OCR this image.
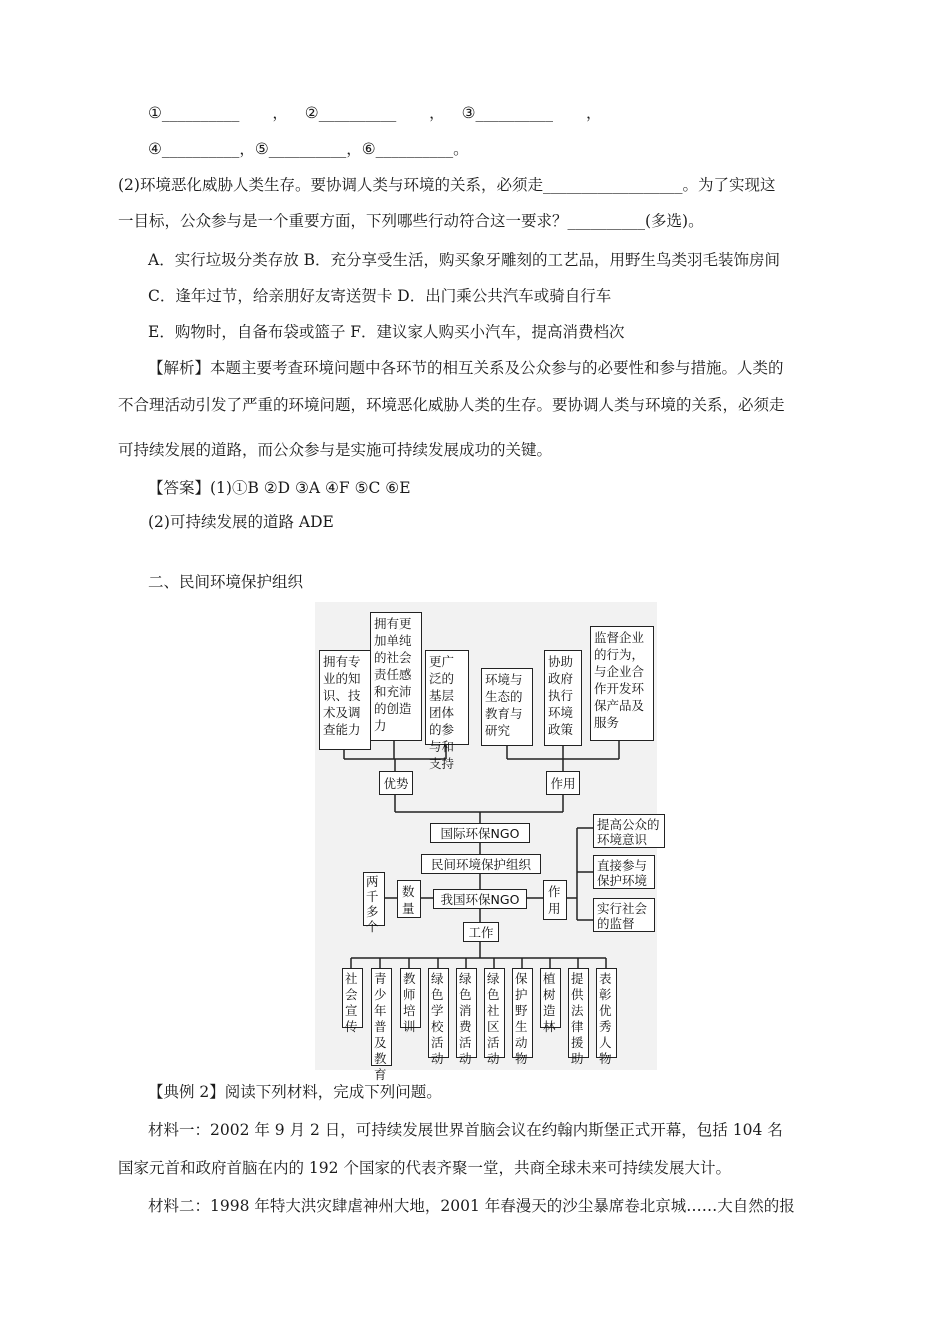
①__________ ， ②__________ ， ③__________ ，
④__________，⑤__________，⑥__________。
(2)环境恶化威胁人类生存。要协调人类与环境的关系，必须走__________________。为了实现这
一目标，公众参与是一个重要方面，下列哪些行动符合这一要求？__________(多选)。
A．实行垃圾分类存放 B．充分享受生活，购买象牙雕刻的工艺品，用野生鸟类羽毛装饰房间
C．逢年过节，给亲朋好友寄送贺卡 D．出门乘公共汽车或骑自行车
E．购物时，自备布袋或篮子 F．建议家人购买小汽车，提高消费档次
【解析】本题主要考查环境问题中各环节的相互关系及公众参与的必要性和参与措施。人类的
不合理活动引发了严重的环境问题，环境恶化威胁人类的生存。要协调人类与环境的关系，必须走
可持续发展的道路，而公众参与是实施可持续发展成功的关键。
【答案】(1)①B ②D ③A ④F ⑤C ⑥E
(2)可持续发展的道路 ADE
二、民间环境保护组织
拥有专业的知识、技术及调查能力
拥有更加单纯的社会责任感和充沛的创造力
更广泛的基层团体的参与和支持
环境与生态的教育与研究
协助政府执行环境政策
监督企业的行为，与企业合作开发环保产品及服务
优势	作用
国际环保NGO
民间环境保护组织
我国环保NGO
两千多个
数量
作用
提高公众的环境意识
直接参与保护环境
实行社会的监督
工作
社会宣传
青少年普及教育
教师培训
绿色学校活动
绿色消费活动
绿色社区活动
保护野生动物
植树造林
提供法律援助
表彰优秀人物
【典例 2】阅读下列材料，完成下列问题。
材料一：2002 年 9 月 2 日，可持续发展世界首脑会议在约翰内斯堡正式开幕，包括 104 名
国家元首和政府首脑在内的 192 个国家的代表齐聚一堂，共商全球未来可持续发展大计。
材料二：1998 年特大洪灾肆虐神州大地，2001 年春漫天的沙尘暴席卷北京城……大自然的报
